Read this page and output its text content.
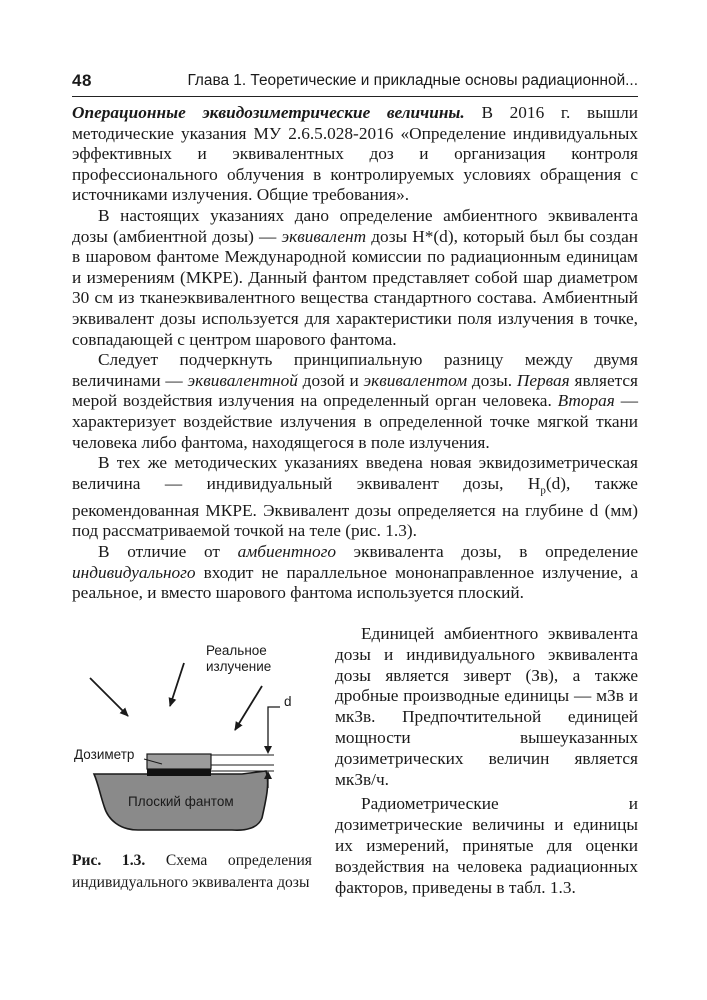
48	Глава 1. Теоретические и прикладные основы радиационной...

Операционные эквидозиметрические величины. В 2016 г. вышли методические указания МУ 2.6.5.028-2016 «Определение индивидуальных эффективных и эквивалентных доз и организация контроля профессионального облучения в контролируемых условиях обращения с источниками излучения. Общие требования».

В настоящих указаниях дано определение амбиентного эквивалента дозы (амбиентной дозы) — эквивалент дозы H*(d), который был бы создан в шаровом фантоме Международной комиссии по радиационным единицам и измерениям (МКРЕ). Данный фантом представляет собой шар диаметром 30 см из тканеэквивалентного вещества стандартного состава. Амбиентный эквивалент дозы используется для характеристики поля излучения в точке, совпадающей с центром шарового фантома.

Следует подчеркнуть принципиальную разницу между двумя величинами — эквивалентной дозой и эквивалентом дозы. Первая является мерой воздействия излучения на определенный орган человека. Вторая — характеризует воздействие излучения в определенной точке мягкой ткани человека либо фантома, находящегося в поле излучения.

В тех же методических указаниях введена новая эквидозиметрическая величина — индивидуальный эквивалент дозы, $H_p(d)$, также рекомендованная МКРЕ. Эквивалент дозы определяется на глубине d (мм) под рассматриваемой точкой на теле (рис. 1.3).

В отличие от амбиентного эквивалента дозы, в определение индивидуального входит не параллельное мононаправленное излучение, а реальное, и вместо шарового фантома используется плоский.

Реальное
излучение
d
Дозиметр
Плоский фантом
Рис. 1.3. Схема определения индивидуального эквивалента дозы

Единицей амбиентного эквивалента дозы и индивидуального эквивалента дозы является зиверт (Зв), а также дробные производные единицы — мЗв и мкЗв. Предпочтительной единицей мощности вышеуказанных дозиметрических величин является мкЗв/ч.

Радиометрические и дозиметрические величины и единицы их измерений, принятые для оценки воздействия на человека радиационных факторов, приведены в табл. 1.3.
